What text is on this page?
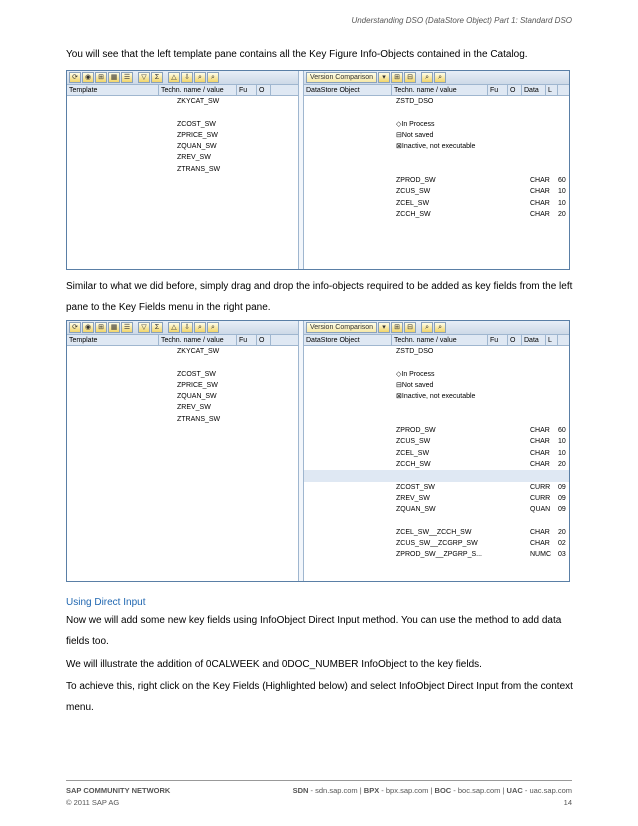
Understanding DSO (DataStore Object) Part 1: Standard DSO
You will see that the left template pane contains all the Key Figure Info-Objects contained in the Catalog.
⟳	◉	⊞ ▦ ☰	▽	Σ	△	⇩	⌕	⌕
Template	Techn. name / value	Fu	O
ZKYCAT_SW
ZCOST_SW
ZPRICE_SW
ZQUAN_SW
ZREV_SW
ZTRANS_SW
Version Comparison	▾	⊞	⊟	⌕	⌕
DataStore Object	Techn. name / value	Fu	O	Data	L
ZSTD_DSO
◇ In Process
⊟ Not saved
⊠ Inactive, not executable
ZPROD_SW	CHAR 60
ZCUS_SW	CHAR 10
ZCEL_SW	CHAR 10
ZCCH_SW	CHAR 20
Similar to what we did before, simply drag and drop the info-objects required to be added as key fields from the left pane to the Key Fields menu in the right pane.
⟳	◉	⊞ ▦ ☰	▽	Σ	△	⇩	⌕	⌕
Template	Techn. name / value	Fu	O
ZKYCAT_SW
ZCOST_SW
ZPRICE_SW
ZQUAN_SW
ZREV_SW
ZTRANS_SW
Version Comparison	▾	⊞	⊟	⌕	⌕
DataStore Object	Techn. name / value	Fu	O	Data	L
ZSTD_DSO
◇ In Process
⊟ Not saved
⊠ Inactive, not executable
ZPROD_SW	CHAR 60
ZCUS_SW	CHAR 10
ZCEL_SW	CHAR 10
ZCCH_SW	CHAR 20
ZCOST_SW	CURR 09
ZREV_SW	CURR 09
ZQUAN_SW	QUAN 09
ZCEL_SW__ZCCH_SW	CHAR 20
ZCUS_SW__ZCGRP_SW	CHAR 02
ZPROD_SW__ZPGRP_S...	NUMC 03
Using Direct Input
Now we will add some new key fields using InfoObject Direct Input method. You can use the method to add data fields too.
We will illustrate the addition of 0CALWEEK and 0DOC_NUMBER InfoObject to the key fields.
To achieve this, right click on the Key Fields (Highlighted below) and select InfoObject Direct Input from the context menu.
SAP COMMUNITY NETWORK	SDN - sdn.sap.com | BPX - bpx.sap.com | BOC - boc.sap.com | UAC - uac.sap.com
© 2011 SAP AG	14
